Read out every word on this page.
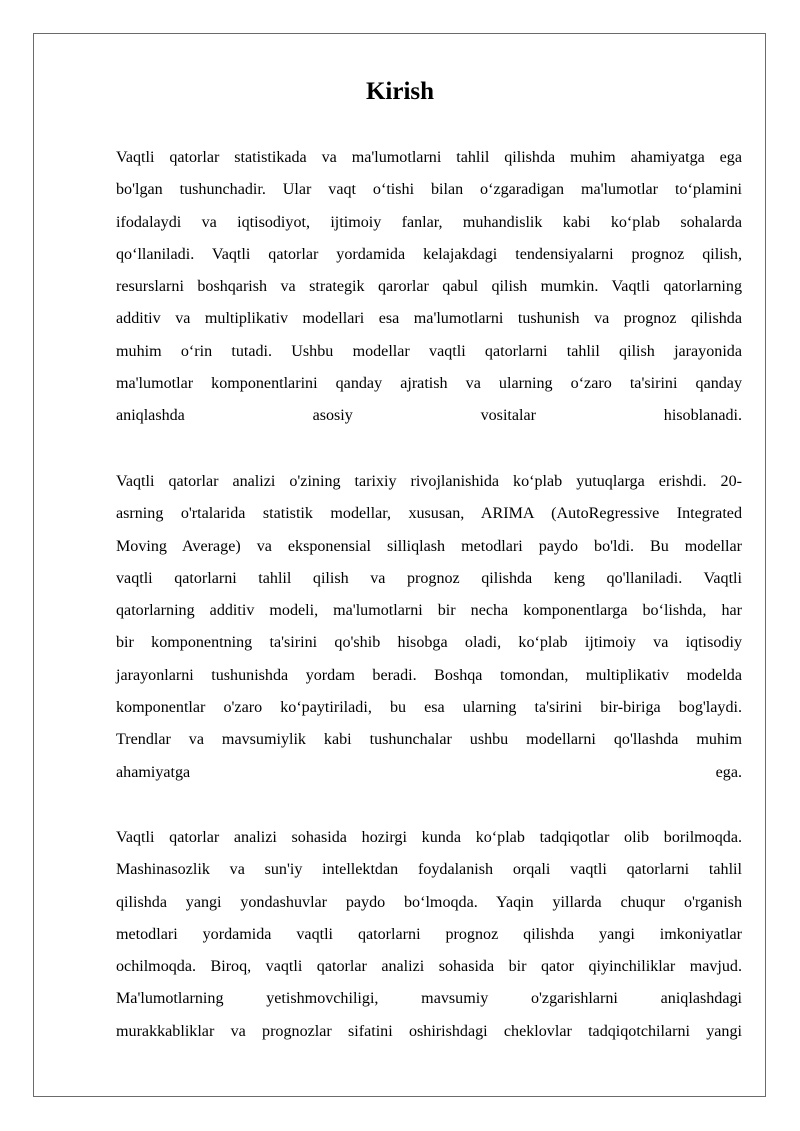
Kirish
Vaqtli qatorlar statistikada va ma'lumotlarni tahlil qilishda muhim ahamiyatga ega
bo'lgan tushunchadir. Ular vaqt o‘tishi bilan o‘zgaradigan ma'lumotlar to‘plamini
ifodalaydi va iqtisodiyot, ijtimoiy fanlar, muhandislik kabi ko‘plab sohalarda
qo‘llaniladi. Vaqtli qatorlar yordamida kelajakdagi tendensiyalarni prognoz qilish,
resurslarni boshqarish va strategik qarorlar qabul qilish mumkin. Vaqtli qatorlarning
additiv va multiplikativ modellari esa ma'lumotlarni tushunish va prognoz qilishda
muhim o‘rin tutadi. Ushbu modellar vaqtli qatorlarni tahlil qilish jarayonida
ma'lumotlar komponentlarini qanday ajratish va ularning o‘zaro ta'sirini qanday
aniqlashda asosiy vositalar hisoblanadi.
Vaqtli qatorlar analizi o'zining tarixiy rivojlanishida ko‘plab yutuqlarga erishdi. 20-
asrning o'rtalarida statistik modellar, xususan, ARIMA (AutoRegressive Integrated
Moving Average) va eksponensial silliqlash metodlari paydo bo'ldi. Bu modellar
vaqtli qatorlarni tahlil qilish va prognoz qilishda keng qo'llaniladi. Vaqtli
qatorlarning additiv modeli, ma'lumotlarni bir necha komponentlarga bo‘lishda, har
bir komponentning ta'sirini qo'shib hisobga oladi, ko‘plab ijtimoiy va iqtisodiy
jarayonlarni tushunishda yordam beradi. Boshqa tomondan, multiplikativ modelda
komponentlar o'zaro ko‘paytiriladi, bu esa ularning ta'sirini bir-biriga bog'laydi.
Trendlar va mavsumiylik kabi tushunchalar ushbu modellarni qo'llashda muhim
ahamiyatga ega.
Vaqtli qatorlar analizi sohasida hozirgi kunda ko‘plab tadqiqotlar olib borilmoqda.
Mashinasozlik va sun'iy intellektdan foydalanish orqali vaqtli qatorlarni tahlil
qilishda yangi yondashuvlar paydo bo‘lmoqda. Yaqin yillarda chuqur o'rganish
metodlari yordamida vaqtli qatorlarni prognoz qilishda yangi imkoniyatlar
ochilmoqda. Biroq, vaqtli qatorlar analizi sohasida bir qator qiyinchiliklar mavjud.
Ma'lumotlarning yetishmovchiligi, mavsumiy o'zgarishlarni aniqlashdagi
murakkabliklar va prognozlar sifatini oshirishdagi cheklovlar tadqiqotchilarni yangi
